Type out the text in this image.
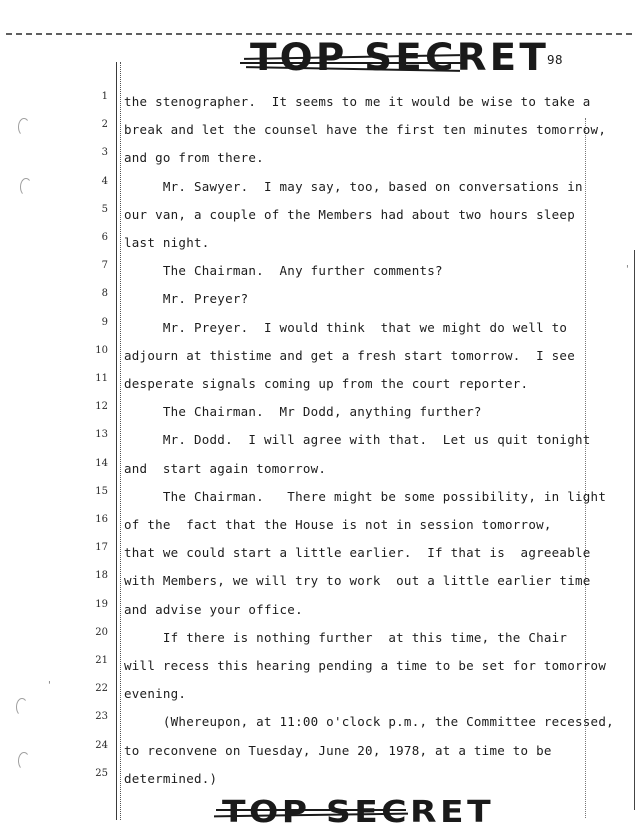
'
'
TOP SECRET
98
1 the stenographer.  It seems to me it would be wise to take a
2 break and let the counsel have the first ten minutes tomorrow,
3 and go from there.
4 Mr. Sawyer.  I may say, too, based on conversations in
5 our van, a couple of the Members had about two hours sleep
6 last night.
7 The Chairman.  Any further comments?
8 Mr. Preyer?
9 Mr. Preyer.  I would think  that we might do well to
10 adjourn at thistime and get a fresh start tomorrow.  I see
11 desperate signals coming up from the court reporter.
12 The Chairman.  Mr Dodd, anything further?
13 Mr. Dodd.  I will agree with that.  Let us quit tonight
14 and  start again tomorrow.
15 The Chairman.   There might be some possibility, in light
16 of the  fact that the House is not in session tomorrow,
17 that we could start a little earlier.  If that is  agreeable
18 with Members, we will try to work  out a little earlier time
19 and advise your office.
20 If there is nothing further  at this time, the Chair
21 will recess this hearing pending a time to be set for tomorrow
22 evening.
23 (Whereupon, at 11:00 o'clock p.m., the Committee recessed,
24 to reconvene on Tuesday, June 20, 1978, at a time to be
25 determined.)
TOP SECRET
